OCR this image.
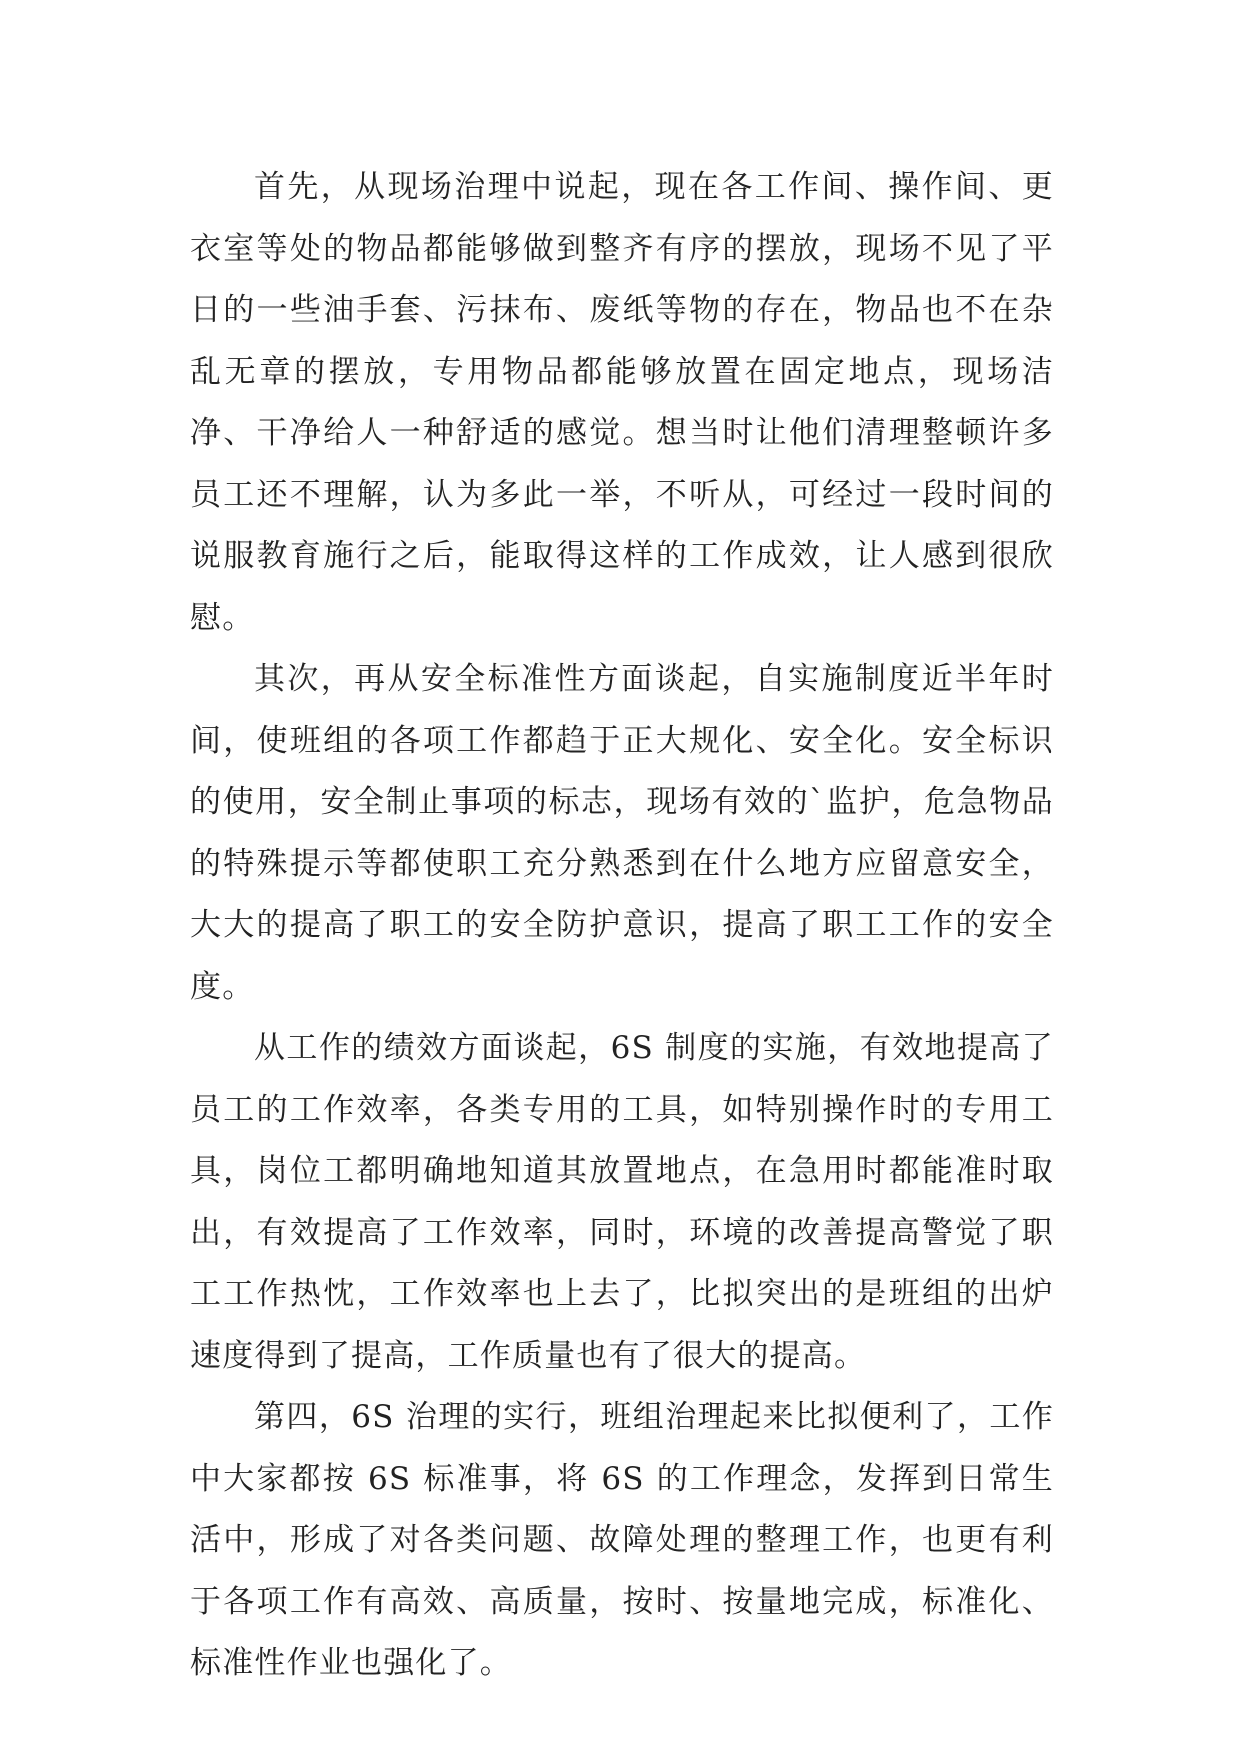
首先，从现场治理中说起，现在各工作间、操作间、更衣室等处的物品都能够做到整齐有序的摆放，现场不见了平日的一些油手套、污抹布、废纸等物的存在，物品也不在杂乱无章的摆放，专用物品都能够放置在固定地点，现场洁净、干净给人一种舒适的感觉。想当时让他们清理整顿许多员工还不理解，认为多此一举，不听从，可经过一段时间的说服教育施行之后，能取得这样的工作成效，让人感到很欣慰。

其次，再从安全标准性方面谈起，自实施制度近半年时间，使班组的各项工作都趋于正大规化、安全化。安全标识的使用，安全制止事项的标志，现场有效的`监护，危急物品的特殊提示等都使职工充分熟悉到在什么地方应留意安全，大大的提高了职工的安全防护意识，提高了职工工作的安全度。

从工作的绩效方面谈起，6S 制度的实施，有效地提高了员工的工作效率，各类专用的工具，如特别操作时的专用工具，岗位工都明确地知道其放置地点，在急用时都能准时取出，有效提高了工作效率，同时，环境的改善提高警觉了职工工作热忱，工作效率也上去了，比拟突出的是班组的出炉速度得到了提高，工作质量也有了很大的提高。

第四，6S 治理的实行，班组治理起来比拟便利了，工作中大家都按 6S 标准事，将 6S 的工作理念，发挥到日常生活中，形成了对各类问题、故障处理的整理工作，也更有利于各项工作有高效、高质量，按时、按量地完成，标准化、标准性作业也强化了。
